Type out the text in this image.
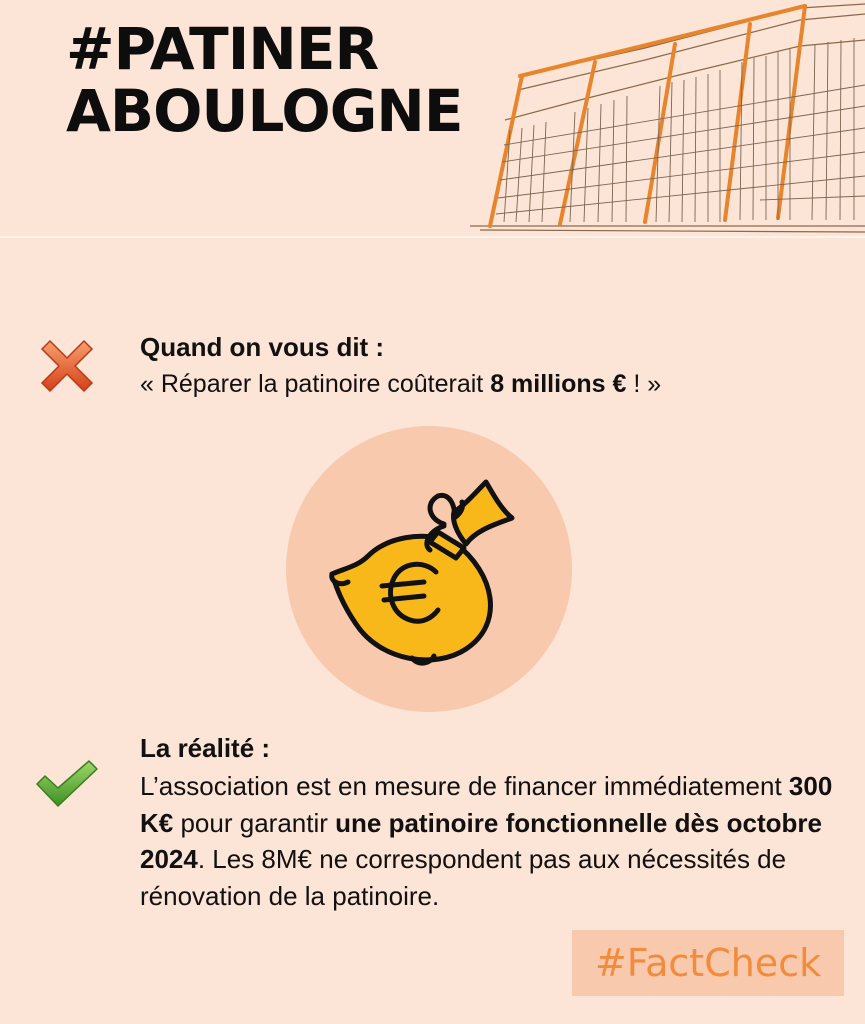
#PATINER
ABOULOGNE
Quand on vous dit :
« Réparer la patinoire coûterait 8 millions € ! »
La réalité :
L’association est en mesure de financer immédiatement 300 K€ pour garantir une patinoire fonctionnelle dès octobre 2024. Les 8M€ ne correspondent pas aux nécessités de rénovation de la patinoire.
#FactCheck
